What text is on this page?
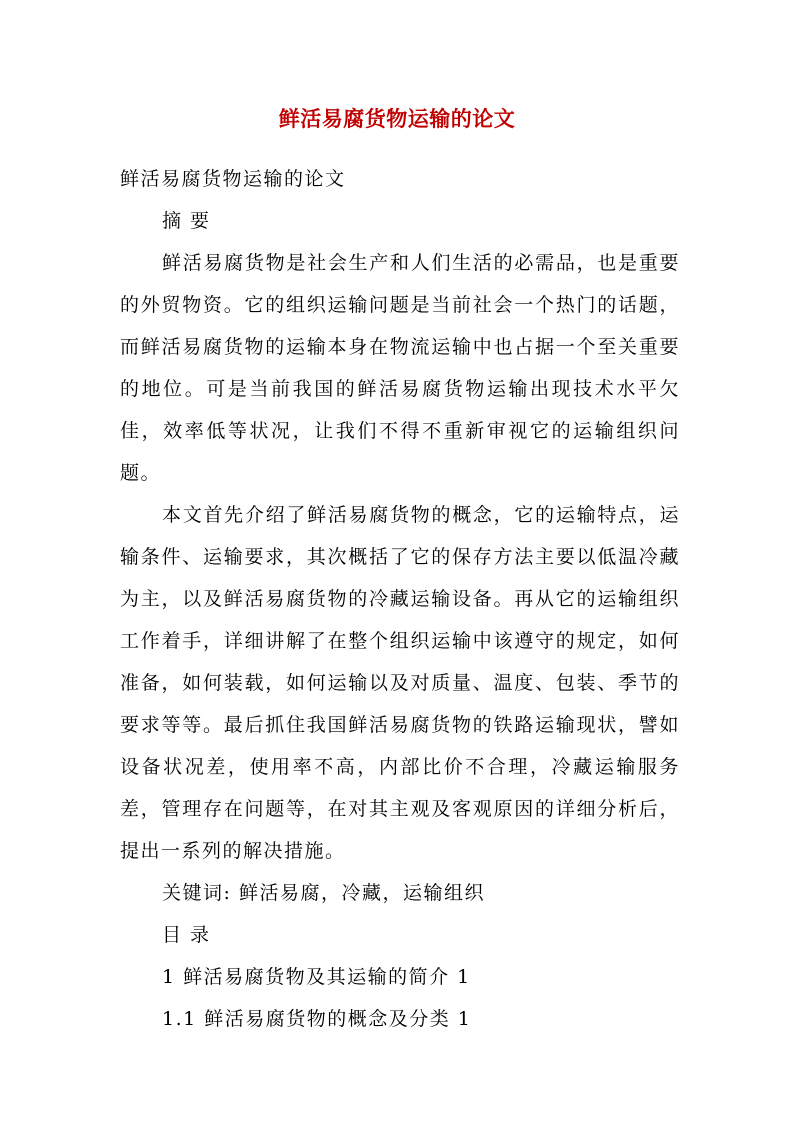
鲜活易腐货物运输的论文

鲜活易腐货物运输的论文

摘 要

鲜活易腐货物是社会生产和人们生活的必需品，也是重要的外贸物资。它的组织运输问题是当前社会一个热门的话题，而鲜活易腐货物的运输本身在物流运输中也占据一个至关重要的地位。可是当前我国的鲜活易腐货物运输出现技术水平欠佳，效率低等状况，让我们不得不重新审视它的运输组织问题。

本文首先介绍了鲜活易腐货物的概念，它的运输特点，运输条件、运输要求，其次概括了它的保存方法主要以低温冷藏为主，以及鲜活易腐货物的冷藏运输设备。再从它的运输组织工作着手，详细讲解了在整个组织运输中该遵守的规定，如何准备，如何装载，如何运输以及对质量、温度、包装、季节的要求等等。最后抓住我国鲜活易腐货物的铁路运输现状，譬如设备状况差，使用率不高，内部比价不合理，冷藏运输服务差，管理存在问题等，在对其主观及客观原因的详细分析后，提出一系列的解决措施。

关键词: 鲜活易腐，冷藏，运输组织

目 录

1 鲜活易腐货物及其运输的简介 1

1.1 鲜活易腐货物的概念及分类 1
